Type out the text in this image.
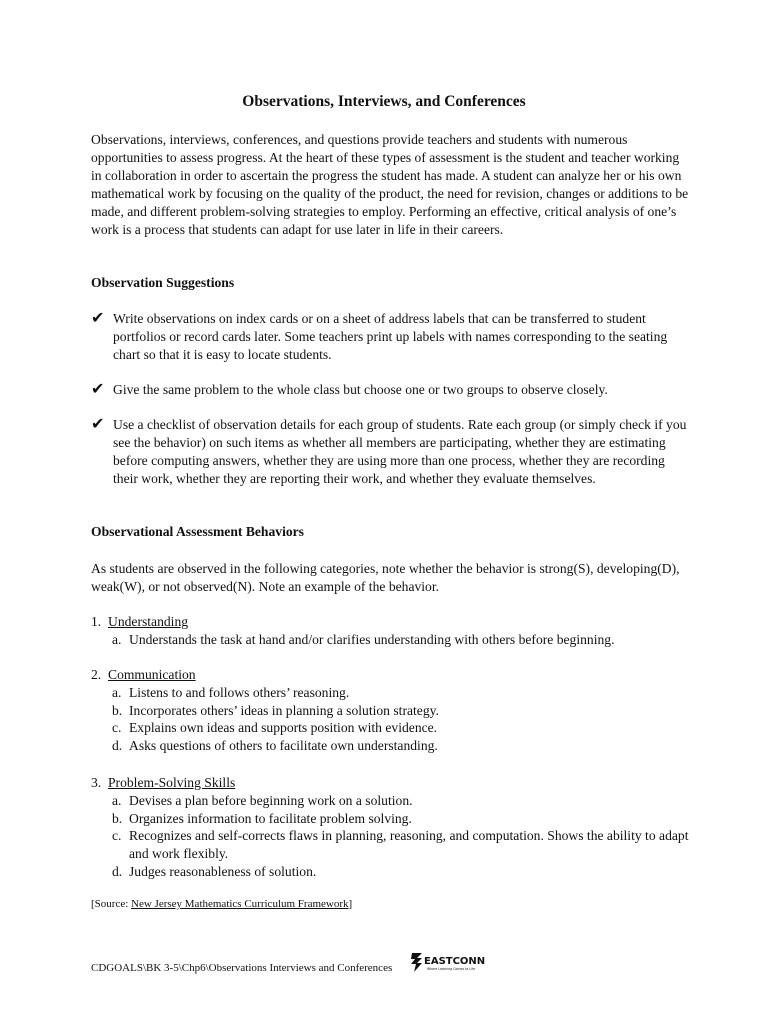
Observations, Interviews, and Conferences
Observations, interviews, conferences, and questions provide teachers and students with numerous opportunities to assess progress. At the heart of these types of assessment is the student and teacher working in collaboration in order to ascertain the progress the student has made. A student can analyze her or his own mathematical work by focusing on the quality of the product, the need for revision, changes or additions to be made, and different problem-solving strategies to employ. Performing an effective, critical analysis of one’s work is a process that students can adapt for use later in life in their careers.
Observation Suggestions
✔ Write observations on index cards or on a sheet of address labels that can be transferred to student portfolios or record cards later. Some teachers print up labels with names corresponding to the seating chart so that it is easy to locate students.
✔ Give the same problem to the whole class but choose one or two groups to observe closely.
✔ Use a checklist of observation details for each group of students. Rate each group (or simply check if you see the behavior) on such items as whether all members are participating, whether they are estimating before computing answers, whether they are using more than one process, whether they are recording their work, whether they are reporting their work, and whether they evaluate themselves.
Observational Assessment Behaviors
As students are observed in the following categories, note whether the behavior is strong(S), developing(D), weak(W), or not observed(N). Note an example of the behavior.
1. Understanding
a. Understands the task at hand and/or clarifies understanding with others before beginning.
2. Communication
a. Listens to and follows others’ reasoning.
b. Incorporates others’ ideas in planning a solution strategy.
c. Explains own ideas and supports position with evidence.
d. Asks questions of others to facilitate own understanding.
3. Problem-Solving Skills
a. Devises a plan before beginning work on a solution.
b. Organizes information to facilitate problem solving.
c. Recognizes and self-corrects flaws in planning, reasoning, and computation. Shows the ability to adapt and work flexibly.
d. Judges reasonableness of solution.
[Source: New Jersey Mathematics Curriculum Framework]
CDGOALS\BK 3-5\Chp6\Observations Interviews and Conferences
EASTCONN
Where Learning Comes to Life
